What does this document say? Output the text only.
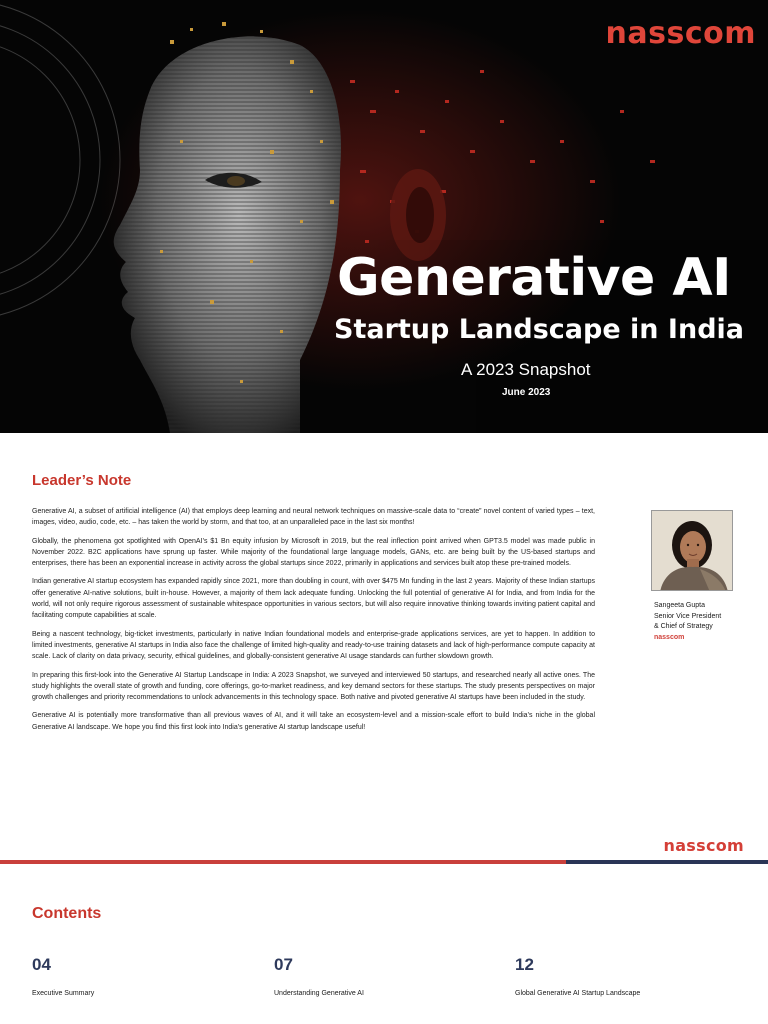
nasscom
Generative AI
Startup Landscape in India
A 2023 Snapshot
June 2023
Leader’s Note

Generative AI, a subset of artificial intelligence (AI) that employs deep learning and neural network techniques on massive-scale data to “create” novel content of varied types – text, images, video, audio, code, etc. – has taken the world by storm, and that too, at an unparalleled pace in the last six months!

Globally, the phenomena got spotlighted with OpenAI’s $1 Bn equity infusion by Microsoft in 2019, but the real inflection point arrived when GPT3.5 model was made public in November 2022. B2C applications have sprung up faster. While majority of the foundational large language models, GANs, etc. are being built by the US-based startups and enterprises, there has been an exponential increase in activity across the global startups since 2022, primarily in applications and services built atop these pre-trained models.

Indian generative AI startup ecosystem has expanded rapidly since 2021, more than doubling in count, with over $475 Mn funding in the last 2 years. Majority of these Indian startups offer generative AI-native solutions, built in-house. However, a majority of them lack adequate funding. Unlocking the full potential of generative AI for India, and from India for the world, will not only require rigorous assessment of sustainable whitespace opportunities in various sectors, but will also require innovative thinking towards inviting patient capital and facilitating compute capabilities at scale.

Being a nascent technology, big-ticket investments, particularly in native Indian foundational models and enterprise-grade applications services, are yet to happen. In addition to limited investments, generative AI startups in India also face the challenge of limited high-quality and ready-to-use training datasets and lack of high-performance compute capacity at scale. Lack of clarity on data privacy, security, ethical guidelines, and globally-consistent generative AI usage standards can further slowdown growth.

In preparing this first-look into the Generative AI Startup Landscape in India: A 2023 Snapshot, we surveyed and interviewed 50 startups, and researched nearly all active ones. The study highlights the overall state of growth and funding, core offerings, go-to-market readiness, and key demand sectors for these startups. The study presents perspectives on major growth challenges and priority recommendations to unlock advancements in this technology space. Both native and pivoted generative AI startups have been included in the study.

Generative AI is potentially more transformative than all previous waves of AI, and it will take an ecosystem-level and a mission-scale effort to build India’s niche in the global Generative AI landscape. We hope you find this first look into India’s generative AI startup landscape useful!

Sangeeta Gupta
Senior Vice President
& Chief of Strategy
nasscom
nasscom
Contents
04
Executive Summary
07
Understanding Generative AI
12
Global Generative AI Startup Landscape
